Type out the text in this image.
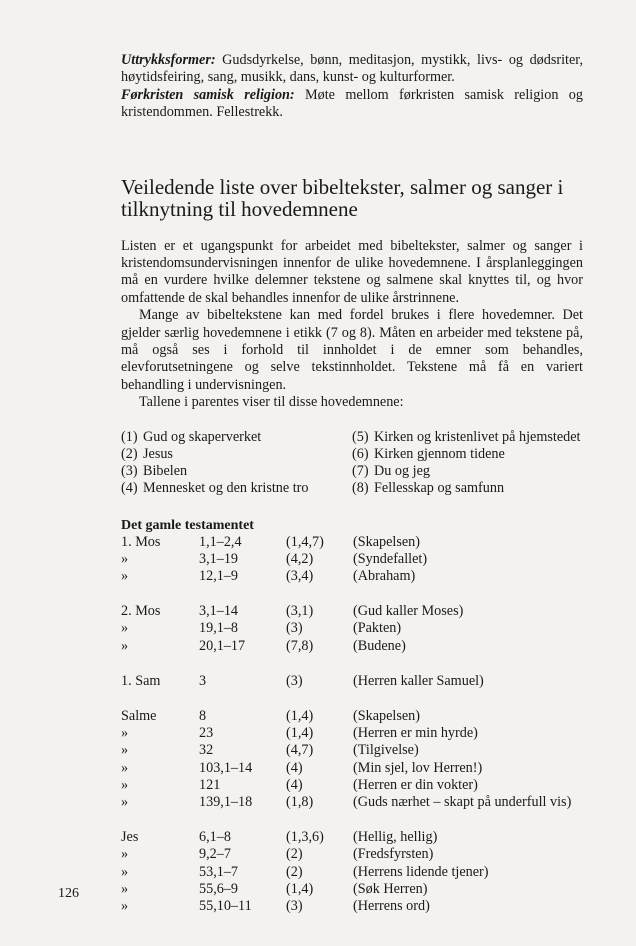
Uttrykksformer: Gudsdyrkelse, bønn, meditasjon, mystikk, livs- og dødsriter, høytidsfeiring, sang, musikk, dans, kunst- og kulturformer.

Førkristen samisk religion: Møte mellom førkristen samisk religion og kristendommen. Fellestrekk.

Veiledende liste over bibeltekster, salmer og sanger i tilknytning til hovedemnene

Listen er et ugangspunkt for arbeidet med bibeltekster, salmer og sanger i kristendomsundervisningen innenfor de ulike hovedemnene. I årsplanleggingen må en vurdere hvilke delemner tekstene og salmene skal knyttes til, og hvor omfattende de skal behandles innenfor de ulike årstrinnene.

Mange av bibeltekstene kan med fordel brukes i flere hovedemner. Det gjelder særlig hovedemnene i etikk (7 og 8). Måten en arbeider med tekstene på, må også ses i forhold til innholdet i de emner som behandles, elevforutsetningene og selve tekstinnholdet. Tekstene må få en variert behandling i undervisningen.

Tallene i parentes viser til disse hovedemnene:

(1) Gud og skaperverket
(2) Jesus
(3) Bibelen
(4) Mennesket og den kristne tro
(5) Kirken og kristenlivet på hjemstedet
(6) Kirken gjennom tidene
(7) Du og jeg
(8) Fellesskap og samfunn
Det gamle testamentet
1. Mos	1,1–2,4	(1,4,7)	(Skapelsen)
»	3,1–19	(4,2)	(Syndefallet)
»	12,1–9	(3,4)	(Abraham)

2. Mos	3,1–14	(3,1)	(Gud kaller Moses)
»	19,1–8	(3)	(Pakten)
»	20,1–17	(7,8)	(Budene)

1. Sam	3	(3)	(Herren kaller Samuel)

Salme	8	(1,4)	(Skapelsen)
»	23	(1,4)	(Herren er min hyrde)
»	32	(4,7)	(Tilgivelse)
»	103,1–14	(4)	(Min sjel, lov Herren!)
»	121	(4)	(Herren er din vokter)
»	139,1–18	(1,8)	(Guds nærhet – skapt på underfull vis)

Jes	6,1–8	(1,3,6)	(Hellig, hellig)
»	9,2–7	(2)	(Fredsfyrsten)
»	53,1–7	(2)	(Herrens lidende tjener)
»	55,6–9	(1,4)	(Søk Herren)
»	55,10–11	(3)	(Herrens ord)
126
